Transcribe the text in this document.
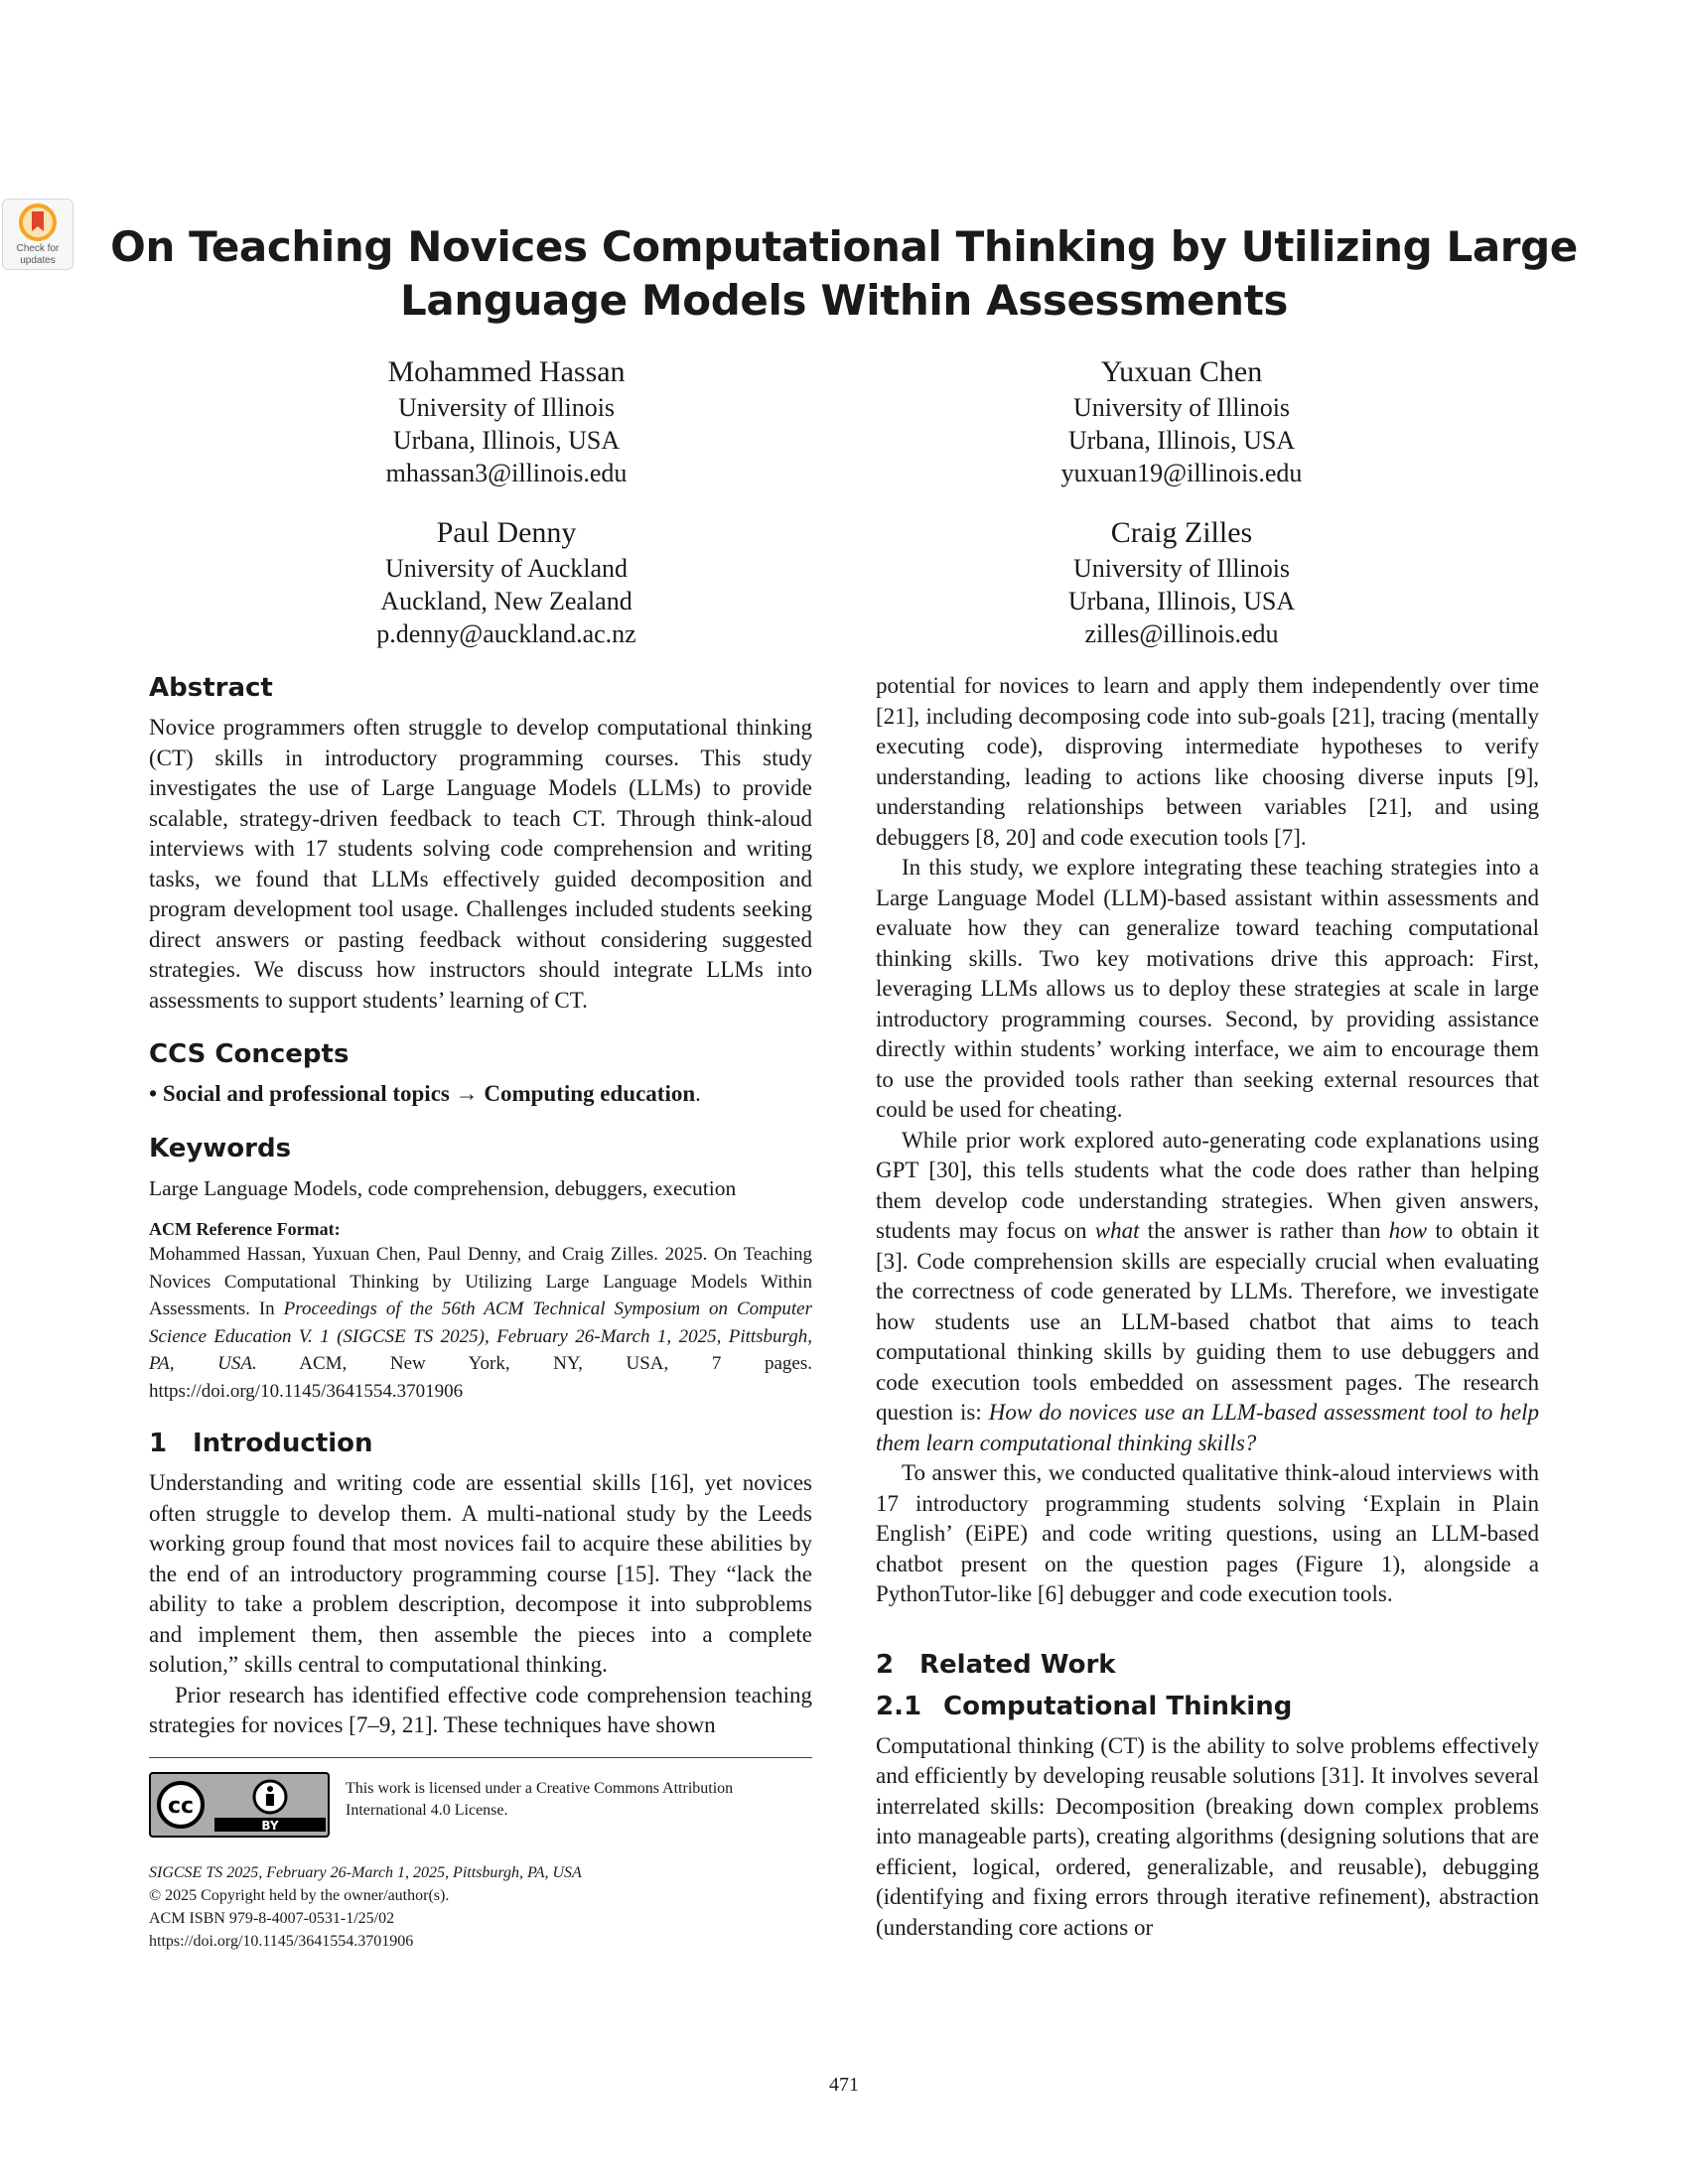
Check for
updates On Teaching Novices Computational Thinking by Utilizing Large Language Models Within Assessments
Mohammed Hassan
University of Illinois
Urbana, Illinois, USA
mhassan3@illinois.edu
Yuxuan Chen
University of Illinois
Urbana, Illinois, USA
yuxuan19@illinois.edu
Paul Denny
University of Auckland
Auckland, New Zealand
p.denny@auckland.ac.nz
Craig Zilles
University of Illinois
Urbana, Illinois, USA
zilles@illinois.edu
Abstract

Novice programmers often struggle to develop computational thinking (CT) skills in introductory programming courses. This study investigates the use of Large Language Models (LLMs) to provide scalable, strategy-driven feedback to teach CT. Through think-aloud interviews with 17 students solving code comprehension and writing tasks, we found that LLMs effectively guided decomposition and program development tool usage. Challenges included students seeking direct answers or pasting feedback without considering suggested strategies. We discuss how instructors should integrate LLMs into assessments to support students’ learning of CT.

CCS Concepts

• Social and professional topics → Computing education.

Keywords

Large Language Models, code comprehension, debuggers, execution

ACM Reference Format:

Mohammed Hassan, Yuxuan Chen, Paul Denny, and Craig Zilles. 2025. On Teaching Novices Computational Thinking by Utilizing Large Language Models Within Assessments. In Proceedings of the 56th ACM Technical Symposium on Computer Science Education V. 1 (SIGCSE TS 2025), February 26-March 1, 2025, Pittsburgh, PA, USA. ACM, New York, NY, USA, 7 pages. https://doi.org/10.1145/3641554.3701906

1 Introduction

Understanding and writing code are essential skills [16], yet novices often struggle to develop them. A multi-national study by the Leeds working group found that most novices fail to acquire these abilities by the end of an introductory programming course [15]. They “lack the ability to take a problem description, decompose it into subproblems and implement them, then assemble the pieces into a complete solution,” skills central to computational thinking.

Prior research has identified effective code comprehension teaching strategies for novices [7–9, 21]. These techniques have shown

cc
BY
This work is licensed under a Creative Commons Attribution International 4.0 License.
SIGCSE TS 2025, February 26-March 1, 2025, Pittsburgh, PA, USA
© 2025 Copyright held by the owner/author(s).
ACM ISBN 979-8-4007-0531-1/25/02
https://doi.org/10.1145/3641554.3701906

potential for novices to learn and apply them independently over time [21], including decomposing code into sub-goals [21], tracing (mentally executing code), disproving intermediate hypotheses to verify understanding, leading to actions like choosing diverse inputs [9], understanding relationships between variables [21], and using debuggers [8, 20] and code execution tools [7].

In this study, we explore integrating these teaching strategies into a Large Language Model (LLM)-based assistant within assessments and evaluate how they can generalize toward teaching computational thinking skills. Two key motivations drive this approach: First, leveraging LLMs allows us to deploy these strategies at scale in large introductory programming courses. Second, by providing assistance directly within students’ working interface, we aim to encourage them to use the provided tools rather than seeking external resources that could be used for cheating.

While prior work explored auto-generating code explanations using GPT [30], this tells students what the code does rather than helping them develop code understanding strategies. When given answers, students may focus on what the answer is rather than how to obtain it [3]. Code comprehension skills are especially crucial when evaluating the correctness of code generated by LLMs. Therefore, we investigate how students use an LLM-based chatbot that aims to teach computational thinking skills by guiding them to use debuggers and code execution tools embedded on assessment pages. The research question is: How do novices use an LLM-based assessment tool to help them learn computational thinking skills?

To answer this, we conducted qualitative think-aloud interviews with 17 introductory programming students solving ‘Explain in Plain English’ (EiPE) and code writing questions, using an LLM-based chatbot present on the question pages (Figure 1), alongside a PythonTutor-like [6] debugger and code execution tools.

2 Related Work
2.1 Computational Thinking

Computational thinking (CT) is the ability to solve problems effectively and efficiently by developing reusable solutions [31]. It involves several interrelated skills: Decomposition (breaking down complex problems into manageable parts), creating algorithms (designing solutions that are efficient, logical, ordered, generalizable, and reusable), debugging (identifying and fixing errors through iterative refinement), abstraction (understanding core actions or

471
